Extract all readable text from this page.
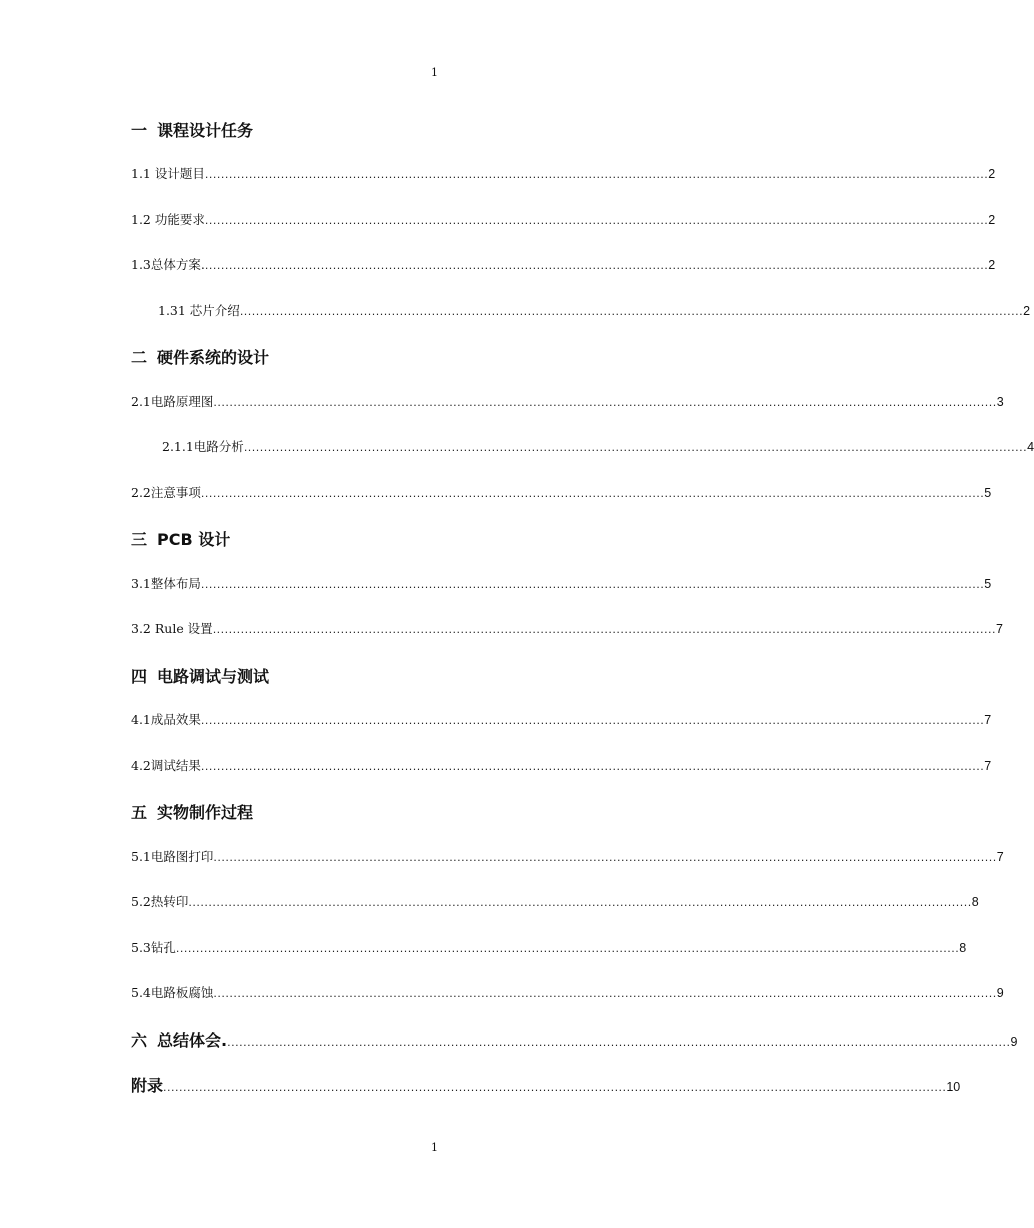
1
一 课程设计任务
1.1 设计题目 .................................................................................................................................................................................................... 2
1.2 功能要求 .................................................................................................................................................................................................... 2
1.3总体方案. .................................................................................................................................................................................................... 2
1.31 芯片介绍 .................................................................................................................................................................................................... 2
二 硬件系统的设计
2.1电路原理图 .................................................................................................................................................................................................... 3
2.1.1电路分析 .................................................................................................................................................................................................... 4
2.2注意事项 .................................................................................................................................................................................................... 5
三 PCB 设计
3.1整体布局 .................................................................................................................................................................................................... 5
3.2 Rule 设置 .................................................................................................................................................................................................... 7
四 电路调试与测试
4.1成品效果 .................................................................................................................................................................................................... 7
4.2调试结果 .................................................................................................................................................................................................... 7
五 实物制作过程
5.1电路图打印 .................................................................................................................................................................................................... 7
5.2热转印 .................................................................................................................................................................................................... 8
5.3钻孔 .................................................................................................................................................................................................... 8
5.4电路板腐蚀 .................................................................................................................................................................................................... 9
六 总结体会. .................................................................................................................................................................................................... 9
附录 .................................................................................................................................................................................................... 10
1
